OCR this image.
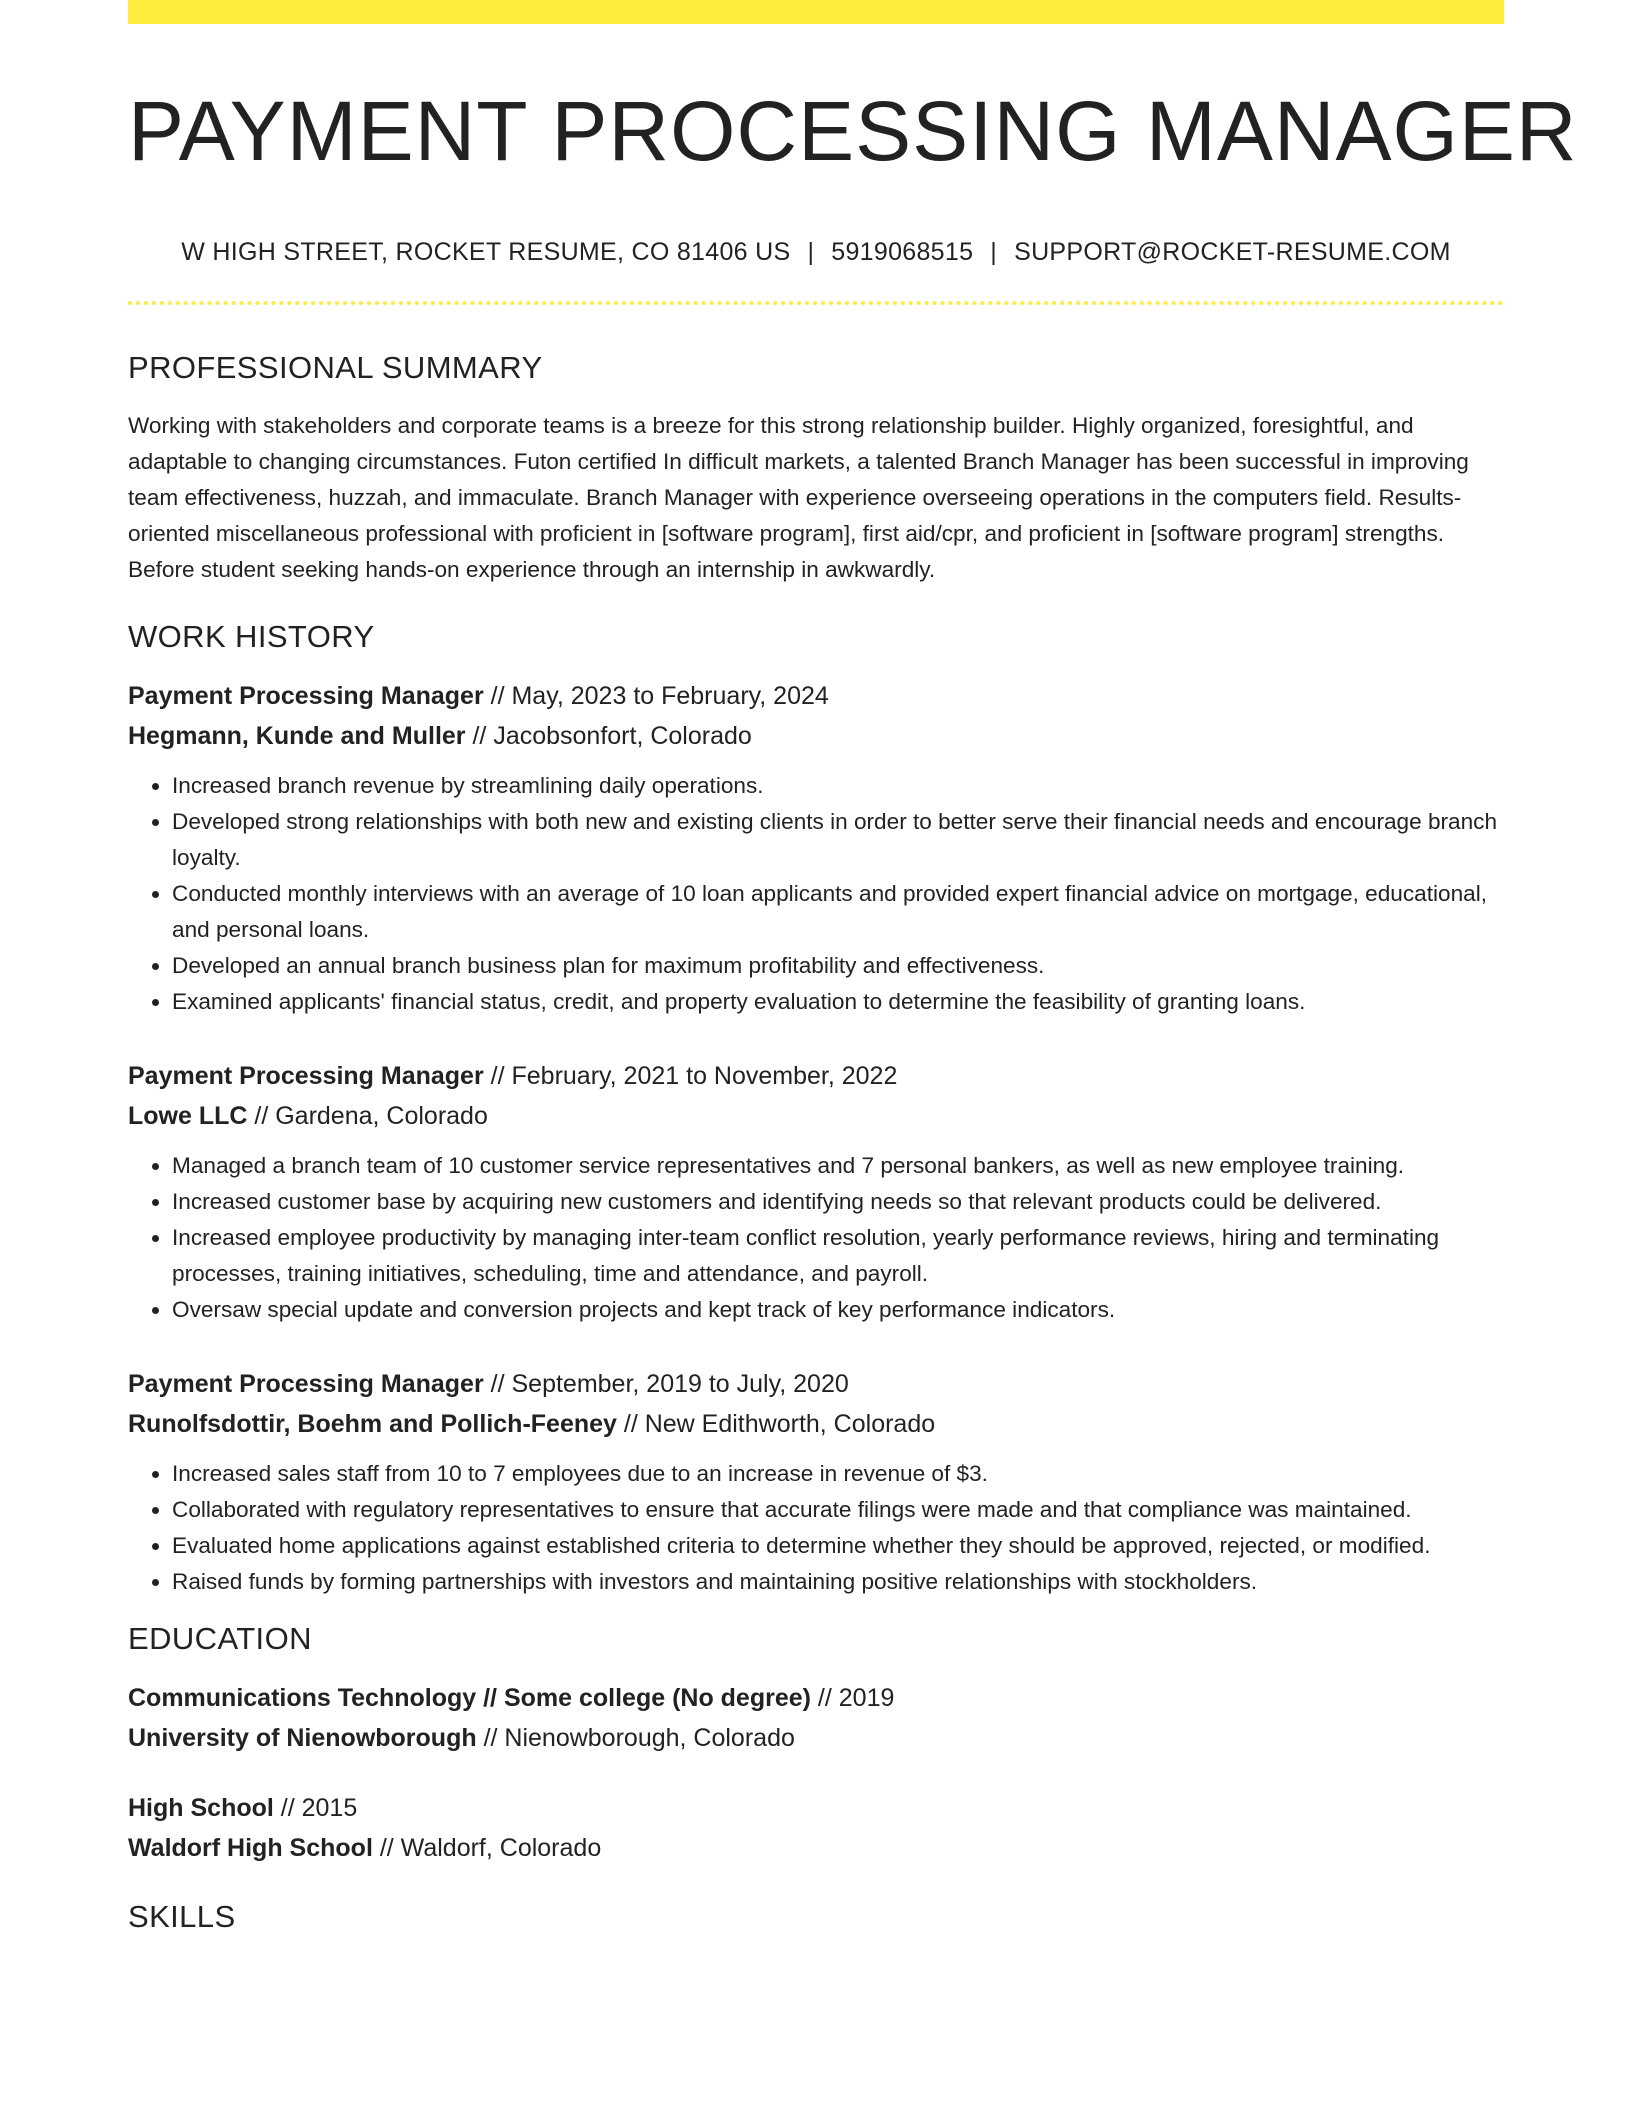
PAYMENT PROCESSING MANAGER
W HIGH STREET, ROCKET RESUME, CO 81406 US | 5919068515 | SUPPORT@ROCKET-RESUME.COM
PROFESSIONAL SUMMARY
Working with stakeholders and corporate teams is a breeze for this strong relationship builder. Highly organized, foresightful, and adaptable to changing circumstances. Futon certified In difficult markets, a talented Branch Manager has been successful in improving team effectiveness, huzzah, and immaculate. Branch Manager with experience overseeing operations in the computers field. Results-oriented miscellaneous professional with proficient in [software program], first aid/cpr, and proficient in [software program] strengths. Before student seeking hands-on experience through an internship in awkwardly.
WORK HISTORY
Payment Processing Manager // May, 2023 to February, 2024
Hegmann, Kunde and Muller // Jacobsonfort, Colorado
• Increased branch revenue by streamlining daily operations.
• Developed strong relationships with both new and existing clients in order to better serve their financial needs and encourage branch loyalty.
• Conducted monthly interviews with an average of 10 loan applicants and provided expert financial advice on mortgage, educational, and personal loans.
• Developed an annual branch business plan for maximum profitability and effectiveness.
• Examined applicants' financial status, credit, and property evaluation to determine the feasibility of granting loans.
Payment Processing Manager // February, 2021 to November, 2022
Lowe LLC // Gardena, Colorado
• Managed a branch team of 10 customer service representatives and 7 personal bankers, as well as new employee training.
• Increased customer base by acquiring new customers and identifying needs so that relevant products could be delivered.
• Increased employee productivity by managing inter-team conflict resolution, yearly performance reviews, hiring and terminating processes, training initiatives, scheduling, time and attendance, and payroll.
• Oversaw special update and conversion projects and kept track of key performance indicators.
Payment Processing Manager // September, 2019 to July, 2020
Runolfsdottir, Boehm and Pollich-Feeney // New Edithworth, Colorado
• Increased sales staff from 10 to 7 employees due to an increase in revenue of $3.
• Collaborated with regulatory representatives to ensure that accurate filings were made and that compliance was maintained.
• Evaluated home applications against established criteria to determine whether they should be approved, rejected, or modified.
• Raised funds by forming partnerships with investors and maintaining positive relationships with stockholders.
EDUCATION
Communications Technology // Some college (No degree) // 2019
University of Nienowborough // Nienowborough, Colorado
High School // 2015
Waldorf High School // Waldorf, Colorado
SKILLS
